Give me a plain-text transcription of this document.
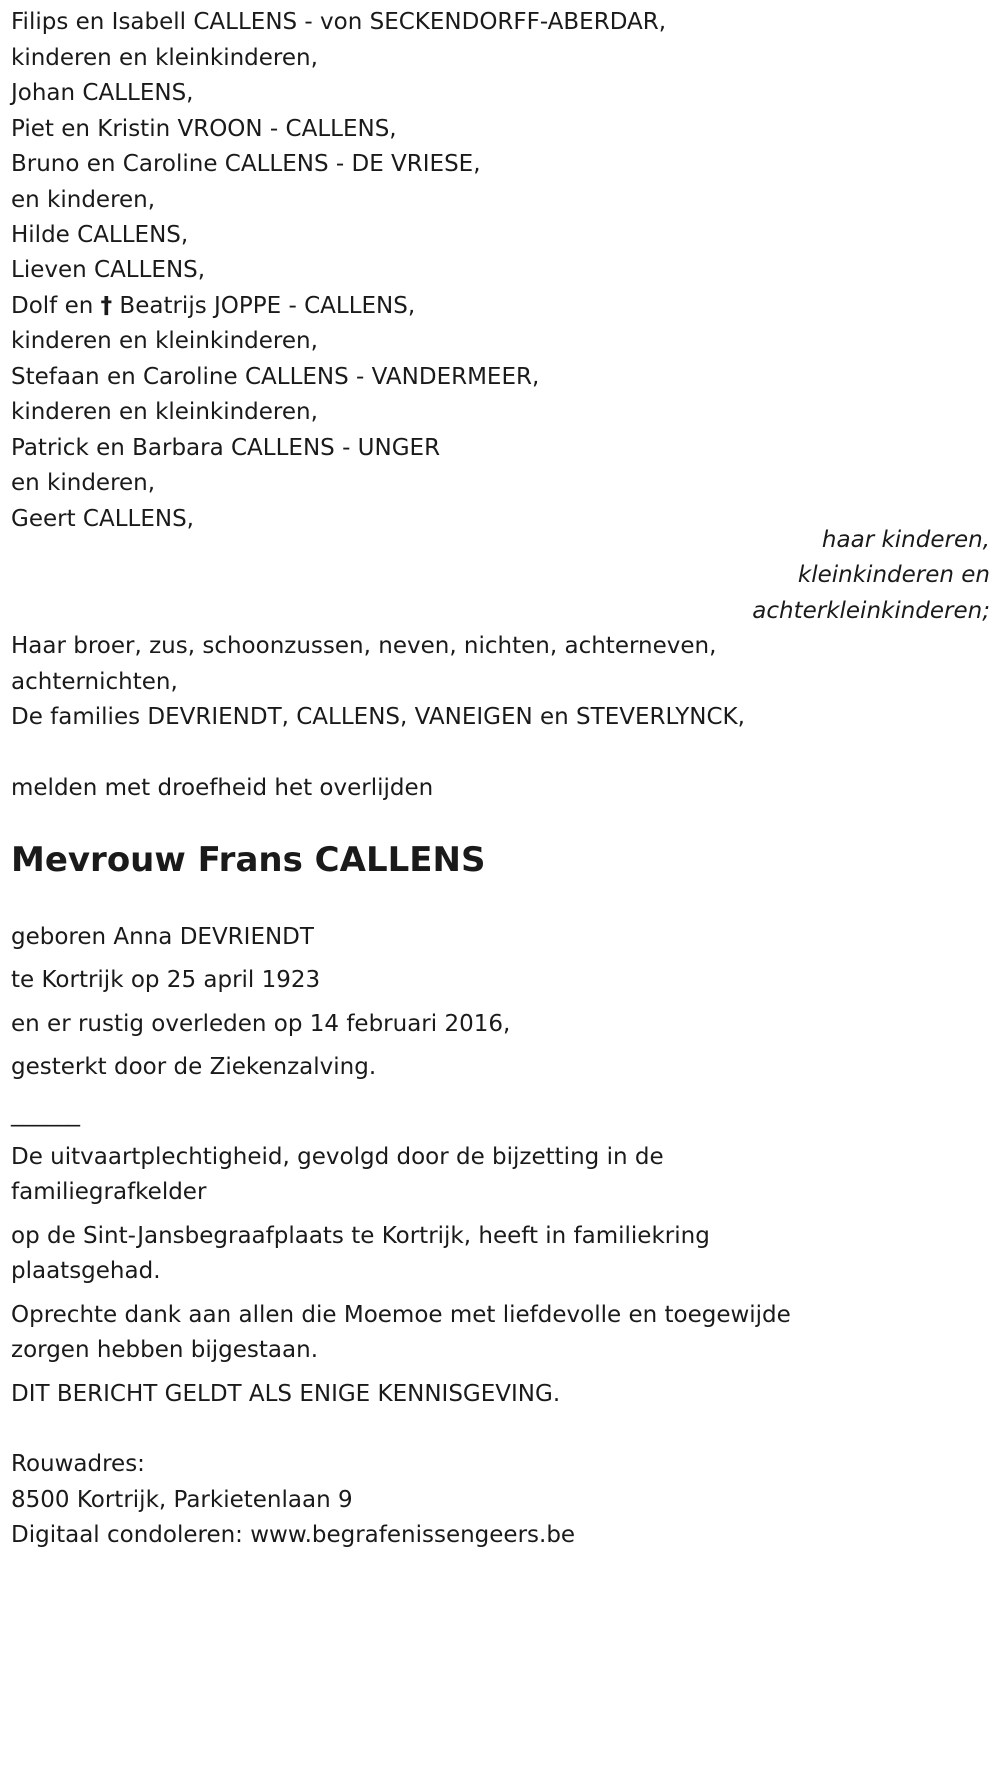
Filips en Isabell CALLENS - von SECKENDORFF-ABERDAR,
kinderen en kleinkinderen,
Johan CALLENS,
Piet en Kristin VROON - CALLENS,
Bruno en Caroline CALLENS - DE VRIESE,
en kinderen,
Hilde CALLENS,
Lieven CALLENS,
Dolf en † Beatrijs JOPPE - CALLENS,
kinderen en kleinkinderen,
Stefaan en Caroline CALLENS - VANDERMEER,
kinderen en kleinkinderen,
Patrick en Barbara CALLENS - UNGER
en kinderen,
Geert CALLENS,
haar kinderen,
kleinkinderen en
achterkleinkinderen;
Haar broer, zus, schoonzussen, neven, nichten, achterneven,
achternichten,
De families DEVRIENDT, CALLENS, VANEIGEN en STEVERLYNCK,
melden met droefheid het overlijden
Mevrouw Frans CALLENS
geboren Anna DEVRIENDT
te Kortrijk op 25 april 1923
en er rustig overleden op 14 februari 2016,
gesterkt door de Ziekenzalving.
______
De uitvaartplechtigheid, gevolgd door de bijzetting in de
familiegrafkelder
op de Sint-Jansbegraafplaats te Kortrijk, heeft in familiekring
plaatsgehad.
Oprechte dank aan allen die Moemoe met liefdevolle en toegewijde
zorgen hebben bijgestaan.
DIT BERICHT GELDT ALS ENIGE KENNISGEVING.
Rouwadres:
8500 Kortrijk, Parkietenlaan 9
Digitaal condoleren: www.begrafenissengeers.be
